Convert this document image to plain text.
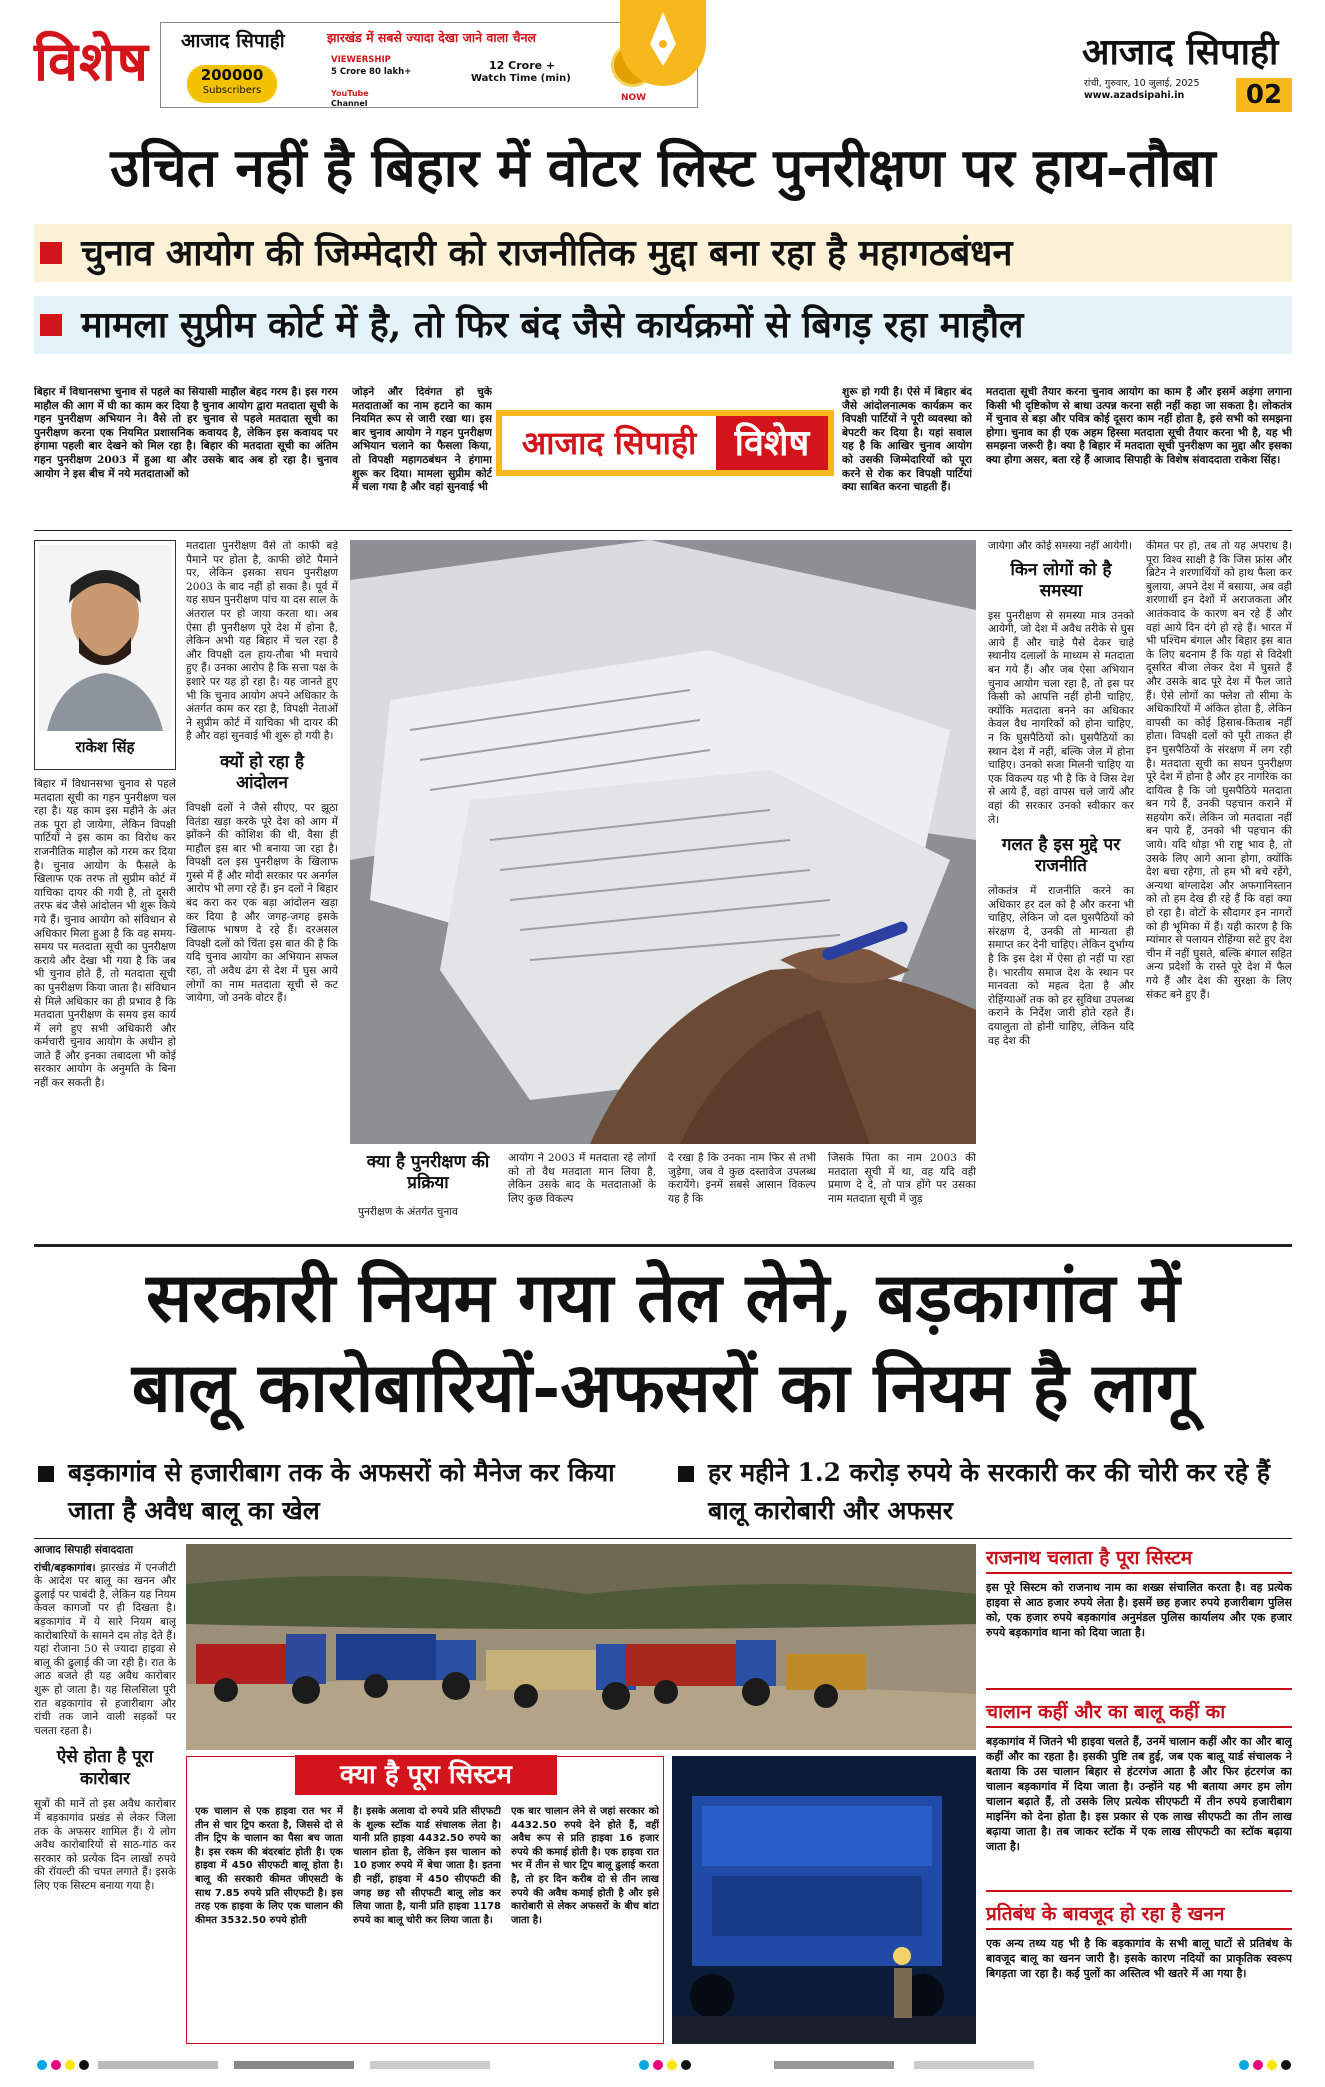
विशेष आजाद सिपाही	झारखंड में सबसे ज्यादा देखा जाने वाला चैनल
200000
Subscribers
VIEWERSHIP
5 Crore 80 lakh+	12 Crore +
Watch Time (min)
YouTube
Channel
NOW
आजाद सिपाही
रांची, गुरुवार, 10 जुलाई, 2025
www.azadsipahi.in	02
उचित नहीं है बिहार में वोटर लिस्ट पुनरीक्षण पर हाय-तौबा
चुनाव आयोग की जिम्मेदारी को राजनीतिक मुद्दा बना रहा है महागठबंधन
मामला सुप्रीम कोर्ट में है, तो फिर बंद जैसे कार्यक्रमों से बिगड़ रहा माहौल
बिहार में विधानसभा चुनाव से पहले का सियासी माहौल बेहद गरम है। इस गरम माहौल की आग में घी का काम कर दिया है चुनाव आयोग द्वारा मतदाता सूची के गहन पुनरीक्षण अभियान ने। वैसे तो हर चुनाव से पहले मतदाता सूची का पुनरीक्षण करना एक नियमित प्रशासनिक कवायद है, लेकिन इस कवायद पर हंगामा पहली बार देखने को मिल रहा है। बिहार की मतदाता सूची का अंतिम गहन पुनरीक्षण 2003 में हुआ था और उसके बाद अब हो रहा है। चुनाव आयोग ने इस बीच में नये मतदाताओं को
जोड़ने और दिवंगत हो चुके मतदाताओं का नाम हटाने का काम नियमित रूप से जारी रखा था। इस बार चुनाव आयोग ने गहन पुनरीक्षण अभियान चलाने का फैसला किया, तो विपक्षी महागठबंधन ने हंगामा शुरू कर दिया। मामला सुप्रीम कोर्ट में चला गया है और वहां सुनवाई भी
आजाद सिपाही	विशेष
शुरू हो गयी है। ऐसे में बिहार बंद जैसे आंदोलनात्मक कार्यक्रम कर विपक्षी पार्टियों ने पूरी व्यवस्था को बेपटरी कर दिया है। यहां सवाल यह है कि आखिर चुनाव आयोग को उसकी जिम्मेदारियों को पूरा करने से रोक कर विपक्षी पार्टियां क्या साबित करना चाहती हैं।
मतदाता सूची तैयार करना चुनाव आयोग का काम है और इसमें अड़ंगा लगाना किसी भी दृष्टिकोण से बाधा उत्पन्न करना सही नहीं कहा जा सकता है। लोकतंत्र में चुनाव से बड़ा और पवित्र कोई दूसरा काम नहीं होता है, इसे सभी को समझना होगा। चुनाव का ही एक अहम हिस्सा मतदाता सूची तैयार करना भी है, यह भी समझना जरूरी है। क्या है बिहार में मतदाता सूची पुनरीक्षण का मुद्दा और इसका क्या होगा असर, बता रहे हैं आजाद सिपाही के विशेष संवाददाता राकेश सिंह।
राकेश सिंह
बिहार में विधानसभा चुनाव से पहले मतदाता सूची का गहन पुनरीक्षण चल रहा है। यह काम इस महीने के अंत तक पूरा हो जायेगा, लेकिन विपक्षी पार्टियों ने इस काम का विरोध कर राजनीतिक माहौल को गरम कर दिया है। चुनाव आयोग के फैसले के खिलाफ एक तरफ तो सुप्रीम कोर्ट में याचिका दायर की गयी है, तो दूसरी तरफ बंद जैसे आंदोलन भी शुरू किये गये हैं। चुनाव आयोग को संविधान से अधिकार मिला हुआ है कि वह समय-समय पर मतदाता सूची का पुनरीक्षण कराये और देखा भी गया है कि जब भी चुनाव होते हैं, तो मतदाता सूची का पुनरीक्षण किया जाता है। संविधान से मिले अधिकार का ही प्रभाव है कि मतदाता पुनरीक्षण के समय इस कार्य में लगे हुए सभी अधिकारी और कर्मचारी चुनाव आयोग के अधीन हो जाते हैं और इनका तबादला भी कोई सरकार आयोग के अनुमति के बिना नहीं कर सकती है।

मतदाता पुनरीक्षण वैसे तो काफी बड़े पैमाने पर होता है, काफी छोटे पैमाने पर, लेकिन इसका सघन पुनरीक्षण 2003 के बाद नहीं हो सका है। पूर्व में यह सघन पुनरीक्षण पांच या दस साल के अंतराल पर हो जाया करता था। अब ऐसा ही पुनरीक्षण पूरे देश में होना है, लेकिन अभी यह बिहार में चल रहा है और विपक्षी दल हाय-तौबा भी मचाये हुए हैं। उनका आरोप है कि सत्ता पक्ष के इशारे पर यह हो रहा है। यह जानते हुए भी कि चुनाव आयोग अपने अधिकार के अंतर्गत काम कर रहा है, विपक्षी नेताओं ने सुप्रीम कोर्ट में याचिका भी दायर की है और वहां सुनवाई भी शुरू हो गयी है।

क्यों हो रहा है आंदोलन

विपक्षी दलों ने जैसे सीएए, पर झूठा वितंडा खड़ा करके पूरे देश को आग में झोंकने की कोशिश की थी, वैसा ही माहौल इस बार भी बनाया जा रहा है। विपक्षी दल इस पुनरीक्षण के खिलाफ गुस्से में हैं और मोदी सरकार पर अनर्गल आरोप भी लगा रहे हैं। इन दलों ने बिहार बंद करा कर एक बड़ा आंदोलन खड़ा कर दिया है और जगह-जगह इसके खिलाफ भाषण दे रहे हैं। दरअसल विपक्षी दलों को चिंता इस बात की है कि यदि चुनाव आयोग का अभियान सफल रहा, तो अवैध ढंग से देश में घुस आये लोगों का नाम मतदाता सूची से कट जायेगा, जो उनके वोटर हैं।

क्या है पुनरीक्षण की प्रक्रिया
पुनरीक्षण के अंतर्गत चुनाव
आयोग ने 2003 में मतदाता रहे लोगों को तो वैध मतदाता मान लिया है, लेकिन उसके बाद के मतदाताओं के लिए कुछ विकल्प
दे रखा है कि उनका नाम फिर से तभी जुड़ेगा, जब वे कुछ दस्तावेज उपलब्ध करायेंगे। इनमें सबसे आसान विकल्प यह है कि
जिसके पिता का नाम 2003 की मतदाता सूची में था, वह यदि वही प्रमाण दे दे, तो पात्र होंगे पर उसका नाम मतदाता सूची में जुड़

जायेगा और कोई समस्या नहीं आयेगी।

किन लोगों को है समस्या

इस पुनरीक्षण से समस्या मात्र उनको आयेगी, जो देश में अवैध तरीके से घुस आये हैं और चाहे पैसे देकर चाहे स्थानीय दलालों के माध्यम से मतदाता बन गये हैं। और जब ऐसा अभियान चुनाव आयोग चला रहा है, तो इस पर किसी को आपत्ति नहीं होनी चाहिए, क्योंकि मतदाता बनने का अधिकार केवल वैध नागरिकों को होना चाहिए, न कि घुसपैठियों को। घुसपैठियों का स्थान देश में नहीं, बल्कि जेल में होना चाहिए। उनको सजा मिलनी चाहिए या एक विकल्प यह भी है कि वे जिस देश से आये हैं, वहां वापस चले जायें और वहां की सरकार उनको स्वीकार कर ले।

गलत है इस मुद्दे पर राजनीति

लोकतंत्र में राजनीति करने का अधिकार हर दल को है और करना भी चाहिए, लेकिन जो दल घुसपैठियों को संरक्षण दे, उनकी तो मान्यता ही समाप्त कर देनी चाहिए। लेकिन दुर्भाग्य है कि इस देश में ऐसा हो नहीं पा रहा है। भारतीय समाज देश के स्थान पर मानवता को महत्व देता है और रोहिंग्याओं तक को हर सुविधा उपलब्ध कराने के निर्देश जारी होते रहते हैं। दयालुता तो होनी चाहिए, लेकिन यदि वह देश की

कीमत पर हो, तब तो यह अपराध है। पूरा विश्व साक्षी है कि जिस फ्रांस और ब्रिटेन ने शरणार्थियों को हाथ फैला कर बुलाया, अपने देश में बसाया, अब वही शरणार्थी इन देशों में अराजकता और आतंकवाद के कारण बन रहे हैं और वहां आये दिन दंगे हो रहे हैं। भारत में भी पश्चिम बंगाल और बिहार इस बात के लिए बदनाम हैं कि यहां से विदेशी दूसरित बीजा लेकर देश में घुसते हैं और उसके बाद पूरे देश में फैल जाते हैं। ऐसे लोगों का फ्लेश तो सीमा के अधिकारियों में अंकित होता है, लेकिन वापसी का कोई हिसाब-किताब नहीं होता। विपक्षी दलों को पूरी ताकत ही इन घुसपैठियों के संरक्षण में लग रही है। मतदाता सूची का सघन पुनरीक्षण पूरे देश में होना है और हर नागरिक का दायित्व है कि जो घुसपैठिये मतदाता बन गये हैं, उनकी पहचान कराने में सहयोग करें। लेकिन जो मतदाता नहीं बन पाये हैं, उनको भी पहचान की जाये। यदि थोड़ा भी राष्ट्र भाव है, तो उसके लिए आगे आना होगा, क्योंकि देश बचा रहेगा, तो हम भी बचे रहेंगे, अन्यथा बांग्लादेश और अफगानिस्तान को तो हम देख ही रहे हैं कि वहां क्या हो रहा है। वोटों के सौदागर इन नागरों को ही भूमिका में हैं। यही कारण है कि म्यांमार से पलायन रोहिंग्या सटे हुए देश चीन में नहीं घुसते, बल्कि बंगाल सहित अन्य प्रदेशों के रास्ते पूरे देश में फैल गये हैं और देश की सुरक्षा के लिए संकट बने हुए हैं।
सरकारी नियम गया तेल लेने, बड़कागांव में
बालू कारोबारियों-अफसरों का नियम है लागू
बड़कागांव से हजारीबाग तक के अफसरों को मैनेज कर किया जाता है अवैध बालू का खेल
हर महीने 1.2 करोड़ रुपये के सरकारी कर की चोरी कर रहे हैं बालू कारोबारी और अफसर

आजाद सिपाही संवाददाता

रांची/बड़कागांव। झारखंड में एनजीटी के आदेश पर बालू का खनन और ढुलाई पर पाबंदी है, लेकिन यह नियम केवल कागजों पर ही दिखता है। बड़कागांव में ये सारे नियम बालू कारोबारियों के सामने दम तोड़ देते हैं। यहां रोजाना 50 से ज्यादा हाइवा से बालू की ढुलाई की जा रही है। रात के आठ बजते ही यह अवैध कारोबार शुरू हो जाता है। यह सिलसिला पूरी रात बड़कागांव से हजारीबाग और रांची तक जाने वाली सड़कों पर चलता रहता है।

ऐसे होता है पूरा कारोबार

सूत्रों की मानें तो इस अवैध कारोबार में बड़कागांव प्रखंड से लेकर जिला तक के अफसर शामिल हैं। ये लोग अवैध कारोबारियों से साठ-गांठ कर सरकार को प्रत्येक दिन लाखों रुपये की रॉयल्टी की चपत लगाते हैं। इसके लिए एक सिस्टम बनाया गया है।

क्या है पूरा सिस्टम
एक चालान से एक हाइवा रात भर में तीन से चार ट्रिप करता है, जिससे दो से तीन ट्रिप के चालान का पैसा बच जाता है। इस रकम की बंदरबांट होती है। एक हाइवा में 450 सीएफटी बालू होता है। बालू की सरकारी कीमत जीएसटी के साथ 7.85 रुपये प्रति सीएफटी है। इस तरह एक हाइवा के लिए एक चालान की कीमत 3532.50 रुपये होती
है। इसके अलावा दो रुपये प्रति सीएफटी के शुल्क स्टॉक यार्ड संचालक लेता है। यानी प्रति हाइवा 4432.50 रुपये का चालान होता है, लेकिन इस चालान को 10 हजार रुपये में बेचा जाता है। इतना ही नहीं, हाइवा में 450 सीएफटी की जगह छह सौ सीएफटी बालू लोड कर लिया जाता है, यानी प्रति हाइवा 1178 रुपये का बालू चोरी कर लिया जाता है।
एक बार चालान लेने से जहां सरकार को 4432.50 रुपये देने होते हैं, वहीं अवैध रूप से प्रति हाइवा 16 हजार रुपये की कमाई होती है। एक हाइवा रात भर में तीन से चार ट्रिप बालू ढुलाई करता है, तो हर दिन करीब दो से तीन लाख रुपये की अवैध कमाई होती है और इसे कारोबारी से लेकर अफसरों के बीच बांटा जाता है।
राजनाथ चलाता है पूरा सिस्टम
इस पूरे सिस्टम को राजनाथ नाम का शख्स संचालित करता है। वह प्रत्येक हाइवा से आठ हजार रुपये लेता है। इसमें छह हजार रुपये हजारीबाग पुलिस को, एक हजार रुपये बड़कागांव अनुमंडल पुलिस कार्यालय और एक हजार रुपये बड़कागांव थाना को दिया जाता है।
चालान कहीं और का बालू कहीं का
बड़कागांव में जितने भी हाइवा चलते हैं, उनमें चालान कहीं और का और बालू कहीं और का रहता है। इसकी पुष्टि तब हुई, जब एक बालू यार्ड संचालक ने बताया कि उस चालान बिहार से हंटरगंज आता है और फिर हंटरगंज का चालान बड़कागांव में दिया जाता है। उन्होंने यह भी बताया अगर हम लोग चालान बढ़ाते हैं, तो उसके लिए प्रत्येक सीएफटी में तीन रुपये हजारीबाग माइनिंग को देना होता है। इस प्रकार से एक लाख सीएफटी का तीन लाख बढ़ाया जाता है। तब जाकर स्टॉक में एक लाख सीएफटी का स्टॉक बढ़ाया जाता है।
प्रतिबंध के बावजूद हो रहा है खनन
एक अन्य तथ्य यह भी है कि बड़कागांव के सभी बालू घाटों से प्रतिबंध के बावजूद बालू का खनन जारी है। इसके कारण नदियों का प्राकृतिक स्वरूप बिगड़ता जा रहा है। कई पुलों का अस्तित्व भी खतरे में आ गया है।
